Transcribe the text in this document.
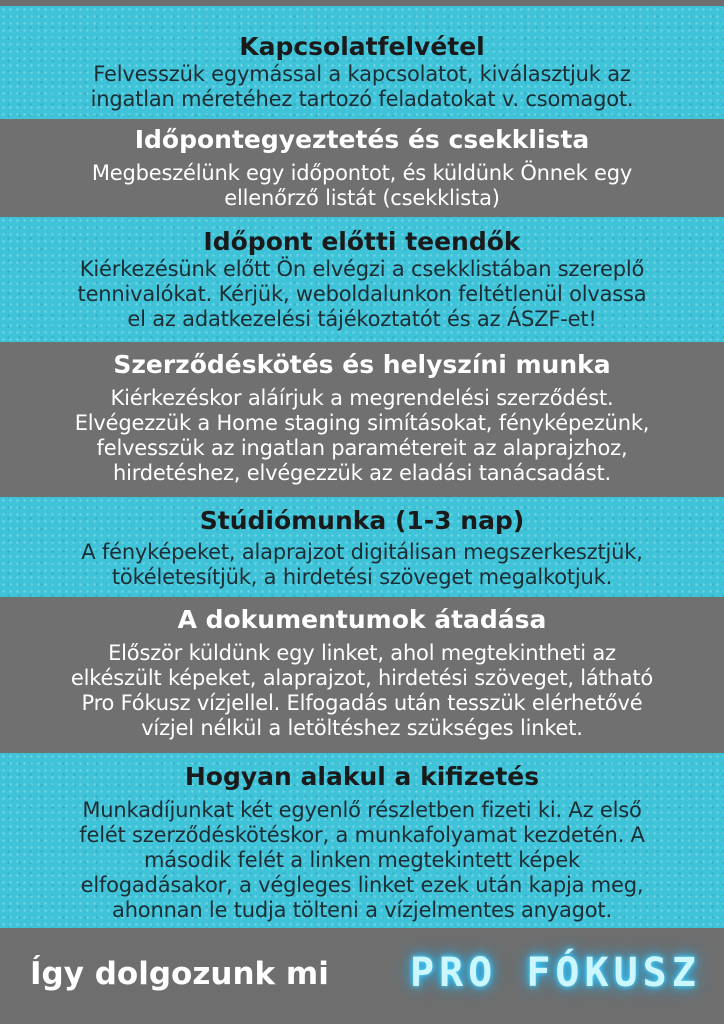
Kapcsolatfelvétel

Felvesszük egymással a kapcsolatot, kiválasztjuk az
ingatlan méretéhez tartozó feladatokat v. csomagot.

Időpontegyeztetés és csekklista

Megbeszélünk egy időpontot, és küldünk Önnek egy
ellenőrző listát (csekklista)

Időpont előtti teendők

Kiérkezésünk előtt Ön elvégzi a csekklistában szereplő
tennivalókat. Kérjük, weboldalunkon feltétlenül olvassa
el az adatkezelési tájékoztatót és az ÁSZF-et!

Szerződéskötés és helyszíni munka

Kiérkezéskor aláírjuk a megrendelési szerződést.
Elvégezzük a Home staging simításokat, fényképezünk,
felvesszük az ingatlan paramétereit az alaprajzhoz,
hirdetéshez, elvégezzük az eladási tanácsadást.

Stúdiómunka (1-3 nap)

A fényképeket, alaprajzot digitálisan megszerkesztjük,
tökéletesítjük, a hirdetési szöveget megalkotjuk.

A dokumentumok átadása

Először küldünk egy linket, ahol megtekintheti az
elkészült képeket, alaprajzot, hirdetési szöveget, látható
Pro Fókusz vízjellel. Elfogadás után tesszük elérhetővé
vízjel nélkül a letöltéshez szükséges linket.

Hogyan alakul a kifizetés

Munkadíjunkat két egyenlő részletben fizeti ki. Az első
felét szerződéskötéskor, a munkafolyamat kezdetén. A
második felét a linken megtekintett képek
elfogadásakor, a végleges linket ezek után kapja meg,
ahonnan le tudja tölteni a vízjelmentes anyagot.

Így dolgozunk mi PRO FÓKUSZ
